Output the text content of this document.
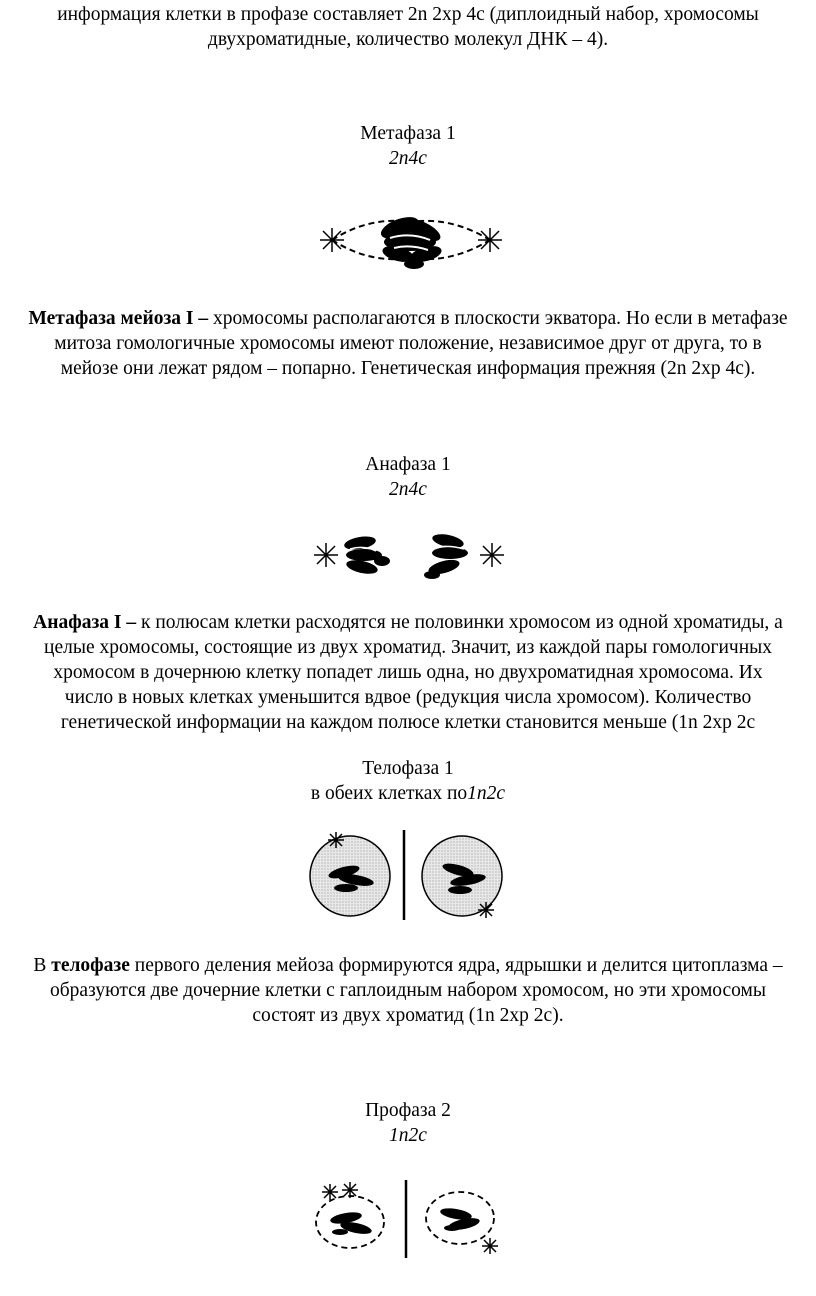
информация клетки в профазе составляет 2n 2хр 4с (диплоидный набор, хромосомы

двухроматидные, количество молекул ДНК – 4).

Метафаза 1

2n4c

Метафаза мейоза I – хромосомы располагаются в плоскости экватора. Но если в метафазе

митоза гомологичные хромосомы имеют положение, независимое друг от друга, то в

мейозе они лежат рядом – попарно. Генетическая информация прежняя (2n 2хр 4с).

Анафаза 1

2n4c

Анафаза I – к полюсам клетки расходятся не половинки хромосом из одной хроматиды, а

целые хромосомы, состоящие из двух хроматид. Значит, из каждой пары гомологичных

хромосом в дочернюю клетку попадет лишь одна, но двухроматидная хромосома. Их

число в новых клетках уменьшится вдвое (редукция числа хромосом). Количество

генетической информации на каждом полюсе клетки становится меньше (1n 2хр 2с

Телофаза 1

в обеих клетках по1n2c

В телофазе первого деления мейоза формируются ядра, ядрышки и делится цитоплазма –

образуются две дочерние клетки с гаплоидным набором хромосом, но эти хромосомы

состоят из двух хроматид (1n 2хр 2с).

Профаза 2

1n2c
